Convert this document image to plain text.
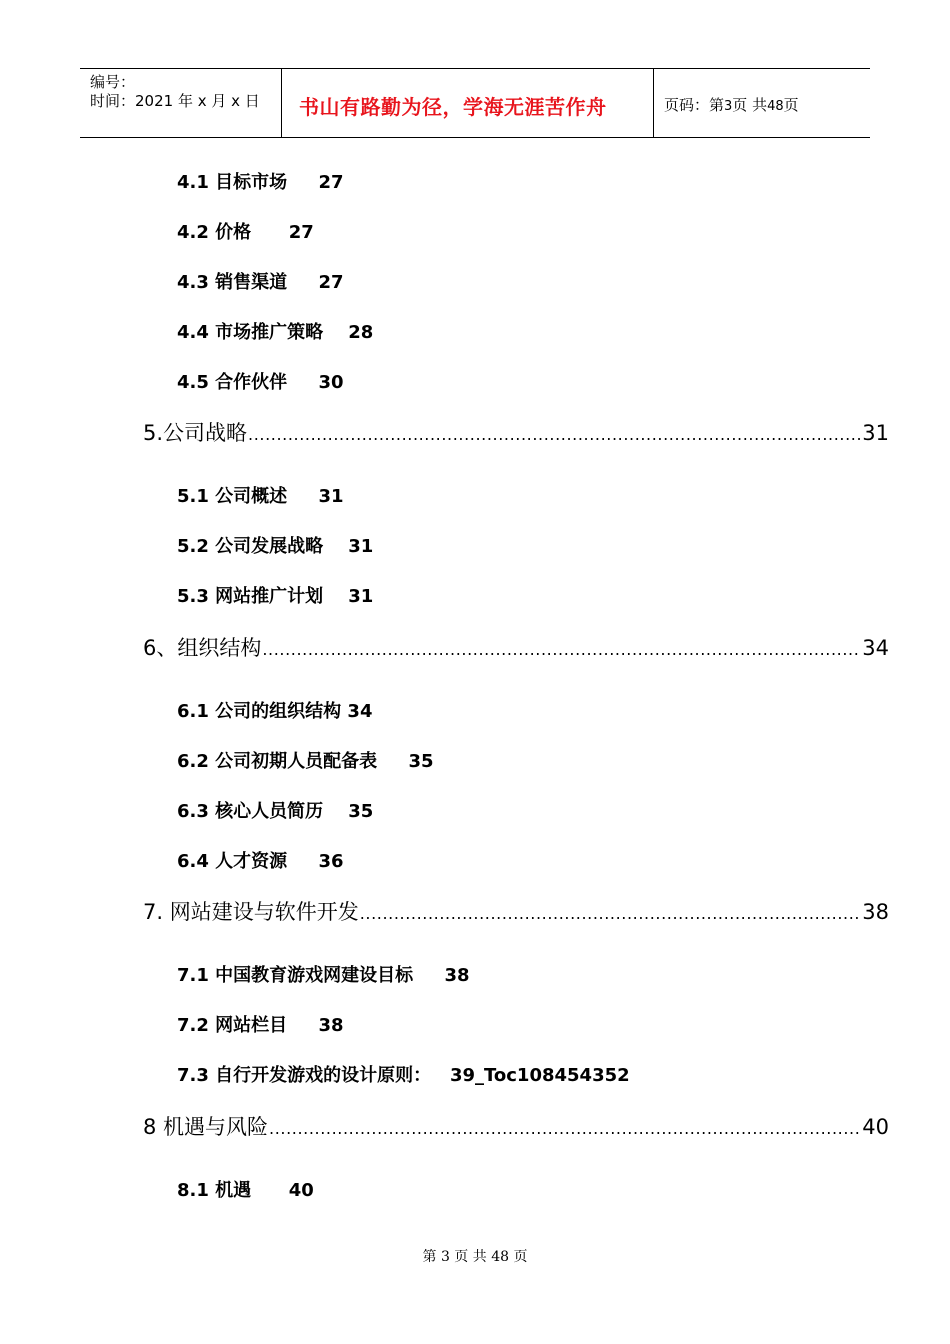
编号：
时间：2021 年 x 月 x 日 书山有路勤为径，学海无涯苦作舟	页码：第3页 共48页
4.1 目标市场     27
4.2 价格      27
4.3 销售渠道     27
4.4 市场推广策略    28
4.5 合作伙伴     30
5.公司战略 .....	31
5.1 公司概述     31
5.2 公司发展战略    31
5.3 网站推广计划    31
6、组织结构 .....	34
6.1 公司的组织结构 34
6.2 公司初期人员配备表     35
6.3 核心人员简历    35
6.4 人才资源     36
7. 网站建设与软件开发 .....	38
7.1 中国教育游戏网建设目标     38
7.2 网站栏目     38
7.3 自行开发游戏的设计原则：   39_Toc108454352
8 机遇与风险 .....	40
8.1 机遇      40
第 3 页 共 48 页
